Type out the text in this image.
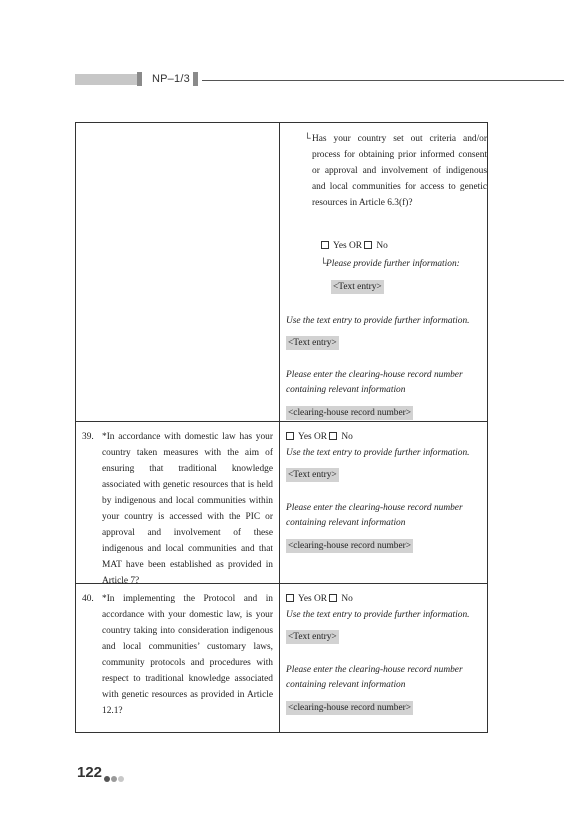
NP–1/3
└ Has your country set out criteria and/or process for obtaining prior informed consent or approval and involvement of indigenous and local communities for access to genetic resources in Article 6.3(f)?
Yes OR No
└ Please provide further information:
<Text entry>
Use the text entry to provide further information.
<Text entry>
Please enter the clearing-house record number containing relevant information
<clearing-house record number>
39. *In accordance with domestic law has your country taken measures with the aim of ensuring that traditional knowledge associated with genetic resources that is held by indigenous and local communities within your country is accessed with the PIC or approval and involvement of these indigenous and local communities and that MAT have been established as provided in Article 7?
Yes OR No
Use the text entry to provide further information.
<Text entry>
Please enter the clearing-house record number containing relevant information
<clearing-house record number>
40. *In implementing the Protocol and in accordance with your domestic law, is your country taking into consideration indigenous and local communities’ customary laws, community protocols and procedures with respect to traditional knowledge associated with genetic resources as provided in Article 12.1?
Yes OR No
Use the text entry to provide further information.
<Text entry>
Please enter the clearing-house record number containing relevant information
<clearing-house record number>
122
